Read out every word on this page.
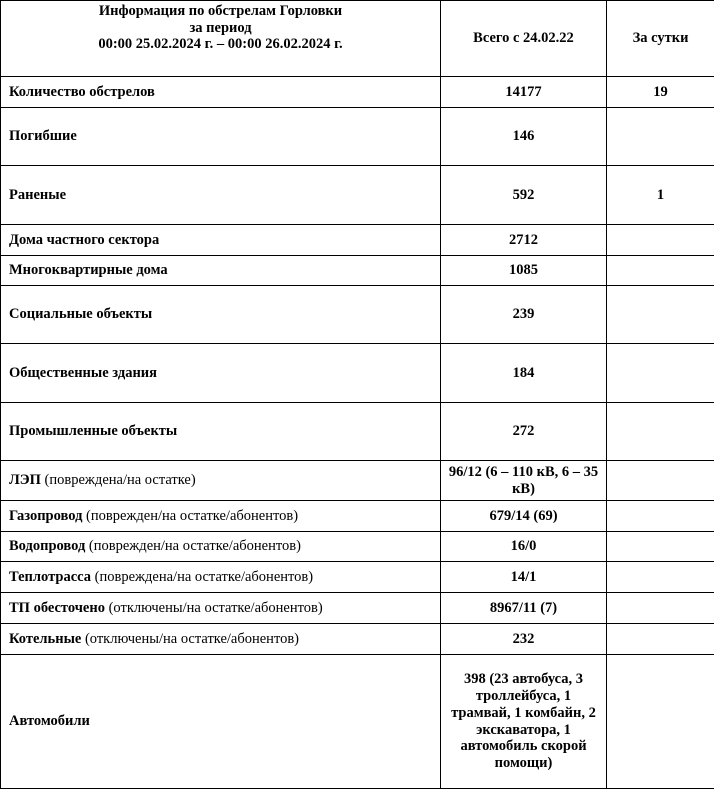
Информация по обстрелам Горловки
за период
00:00 25.02.2024 г. – 00:00 26.02.2024 г.	Всего с 24.02.22	За сутки
Количество обстрелов	14177	19
Погибшие	146	
Раненые	592	1
Дома частного сектора	2712	
Многоквартирные дома	1085	
Социальные объекты	239	
Общественные здания	184	
Промышленные объекты	272	
ЛЭП (повреждена/на остатке)	96/12 (6 – 110 кВ, 6 – 35 кВ)	
Газопровод (поврежден/на остатке/абонентов)	679/14 (69)	
Водопровод (поврежден/на остатке/абонентов)	16/0	
Теплотрасса (повреждена/на остатке/абонентов)	14/1	
ТП обесточено (отключены/на остатке/абонентов)	8967/11 (7)	
Котельные (отключены/на остатке/абонентов)	232	
Автомобили	398 (23 автобуса, 3 троллейбуса, 1 трамвай, 1 комбайн, 2 экскаватора, 1 автомобиль скорой помощи)	
